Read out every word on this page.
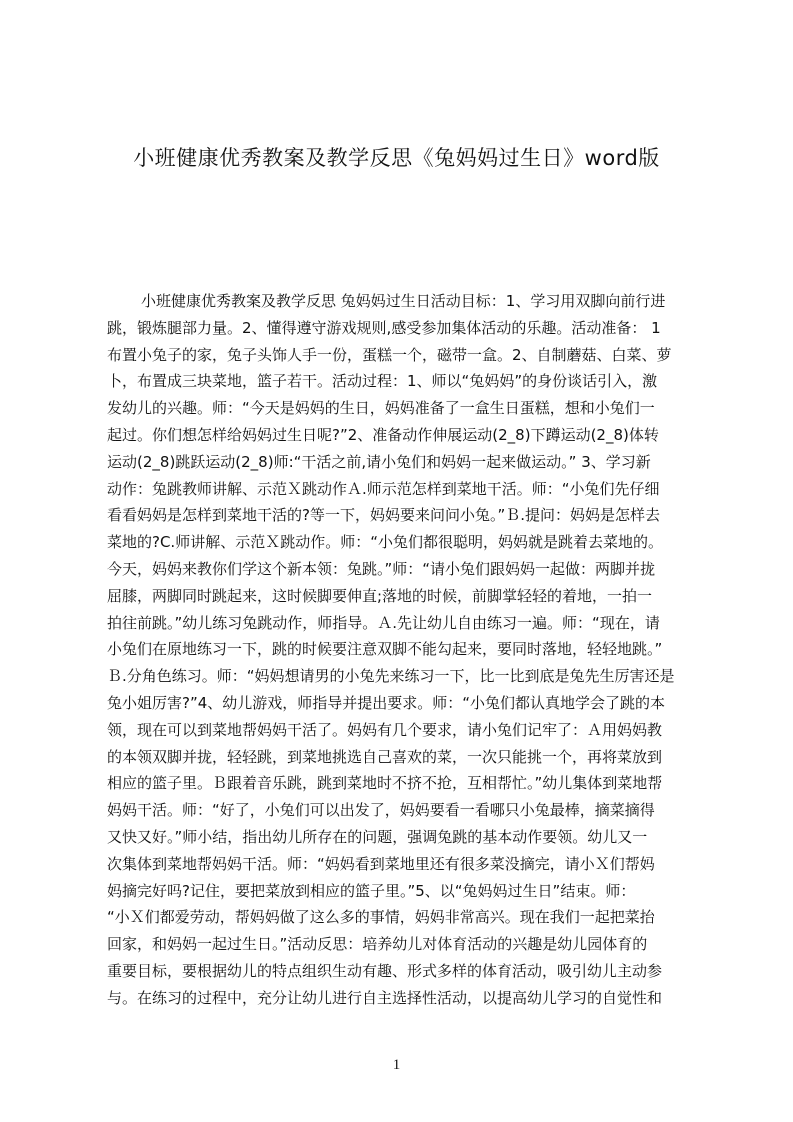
小班健康优秀教案及教学反思《兔妈妈过生日》word版
小班健康优秀教案及教学反思 兔妈妈过生日活动目标：1、学习用双脚向前行进
跳，锻炼腿部力量。2、懂得遵守游戏规则,感受参加集体活动的乐趣。活动准备： 1
布置小兔子的家，兔子头饰人手一份，蛋糕一个，磁带一盒。2、自制蘑菇、白菜、萝
卜，布置成三块菜地，篮子若干。活动过程：1、师以“兔妈妈”的身份谈话引入，激
发幼儿的兴趣。师：“今天是妈妈的生日，妈妈准备了一盒生日蛋糕，想和小兔们一
起过。你们想怎样给妈妈过生日呢?”2、准备动作伸展运动(2_8)下蹲运动(2_8)体转
运动(2_8)跳跃运动(2_8)师:“干活之前,请小兔们和妈妈一起来做运动。” 3、学习新
动作：兔跳教师讲解、示范Ｘ跳动作Ａ.师示范怎样到菜地干活。师：“小兔们先仔细
看看妈妈是怎样到菜地干活的?等一下，妈妈要来问问小兔。”Ｂ.提问：妈妈是怎样去
菜地的?C.师讲解、示范Ｘ跳动作。师：“小兔们都很聪明，妈妈就是跳着去菜地的。
今天，妈妈来教你们学这个新本领：兔跳。”师：“请小兔们跟妈妈一起做：两脚并拢
屈膝，两脚同时跳起来，这时候脚要伸直;落地的时候，前脚掌轻轻的着地，一拍一
拍往前跳。”幼儿练习兔跳动作，师指导。Ａ.先让幼儿自由练习一遍。师：“现在，请
小兔们在原地练习一下，跳的时候要注意双脚不能勾起来，要同时落地，轻轻地跳。”
Ｂ.分角色练习。师：“妈妈想请男的小兔先来练习一下，比一比到底是兔先生厉害还是
兔小姐厉害?”4、幼儿游戏，师指导并提出要求。师：“小兔们都认真地学会了跳的本
领，现在可以到菜地帮妈妈干活了。妈妈有几个要求，请小兔们记牢了：Ａ用妈妈教
的本领双脚并拢，轻轻跳，到菜地挑选自己喜欢的菜，一次只能挑一个，再将菜放到
相应的篮子里。Ｂ跟着音乐跳，跳到菜地时不挤不抢，互相帮忙。”幼儿集体到菜地帮
妈妈干活。师：“好了，小兔们可以出发了，妈妈要看一看哪只小兔最棒，摘菜摘得
又快又好。”师小结，指出幼儿所存在的问题，强调兔跳的基本动作要领。幼儿又一
次集体到菜地帮妈妈干活。师：“妈妈看到菜地里还有很多菜没摘完，请小Ｘ们帮妈
妈摘完好吗?记住，要把菜放到相应的篮子里。”5、以“兔妈妈过生日”结束。师：
“小Ｘ们都爱劳动，帮妈妈做了这么多的事情，妈妈非常高兴。现在我们一起把菜抬
回家，和妈妈一起过生日。”活动反思：培养幼儿对体育活动的兴趣是幼儿园体育的
重要目标，要根据幼儿的特点组织生动有趣、形式多样的体育活动，吸引幼儿主动参
与。在练习的过程中，充分让幼儿进行自主选择性活动，以提高幼儿学习的自觉性和
1
